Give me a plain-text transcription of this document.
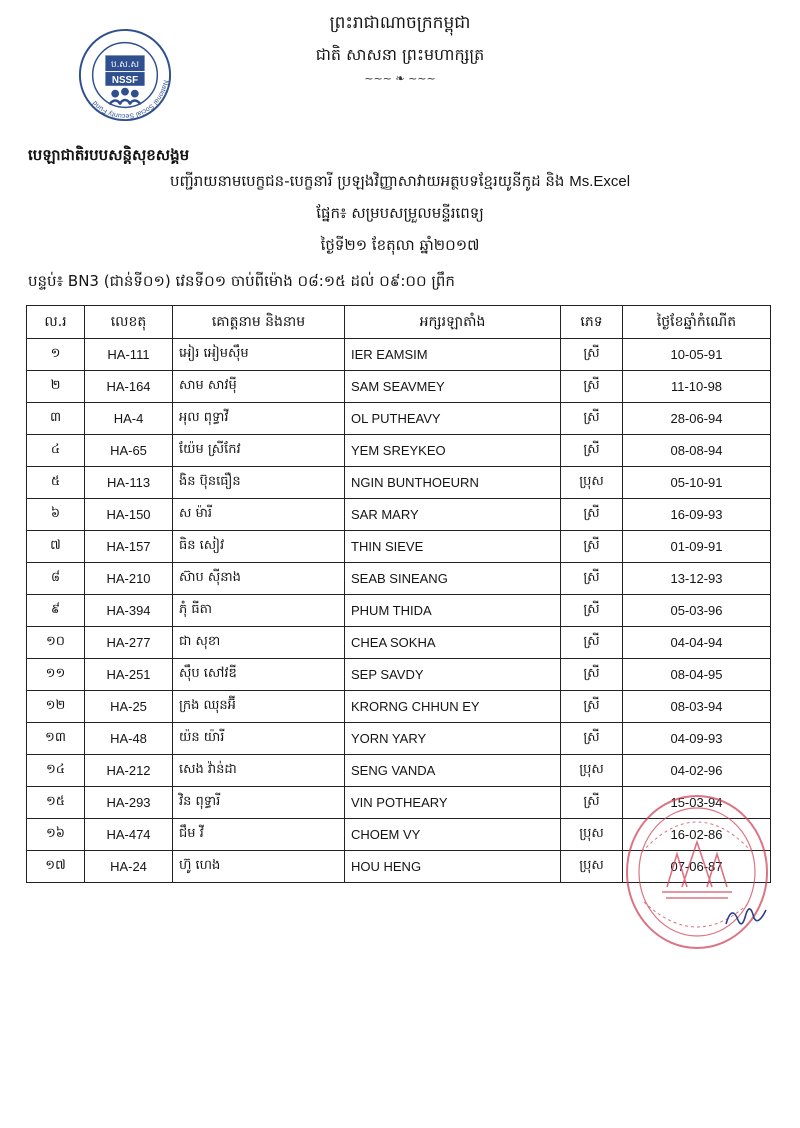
ព្រះរាជាណាចក្រកម្ពុជា
ជាតិ សាសនា ព្រះមហាក្សត្រ
~~~ ❧ ~~~
National Social Security Fund
ប.ស.ស
NSSF
បេឡាជាតិរបបសន្តិសុខសង្គម
បញ្ជីរាយនាមបេក្ខជន-បេក្ខនារី ប្រឡងវិញ្ញាសាវាយអត្ថបទខ្មែរយូនីកូដ និង Ms.Excel
ផ្នែក៖ សម្របសម្រួលមន្ទីរពេទ្យ
ថ្ងៃទី២១ ខែតុលា ឆ្នាំ២០១៧
បន្ទប់៖ BN3 (ជាន់ទី០១) វេនទី០១ ចាប់ពីម៉ោង ០៨:១៥ ដល់ ០៩:០០ ព្រឹក
ល.រ	លេខតុ	គោត្តនាម និងនាម	អក្សរឡាតាំង	ភេទ	ថ្ងៃខែឆ្នាំកំណើត
១	HA-111	អៀរ អៀមស៊ឹម	IER EAMSIM	ស្រី	10-05-91
២	HA-164	សាម សាវម៉ី	SAM SEAVMEY	ស្រី	11-10-98
៣	HA-4	អុល ពុទ្ធាវី	OL PUTHEAVY	ស្រី	28-06-94
៤	HA-65	យ៉ែម ស្រីកែវ	YEM SREYKEO	ស្រី	08-08-94
៥	HA-113	ងិន ប៊ុនធឿន	NGIN BUNTHOEURN	ប្រុស	05-10-91
៦	HA-150	ស ម៉ារី	SAR MARY	ស្រី	16-09-93
៧	HA-157	ធិន សៀវ	THIN SIEVE	ស្រី	01-09-91
៨	HA-210	ស៊ាប ស៊ីនាង	SEAB SINEANG	ស្រី	13-12-93
៩	HA-394	ភុំ ធីតា	PHUM THIDA	ស្រី	05-03-96
១០	HA-277	ជា សុខា	CHEA SOKHA	ស្រី	04-04-94
១១	HA-251	ស៊ឹប សៅវឌី	SEP SAVDY	ស្រី	08-04-95
១២	HA-25	ក្រង ឈុនអ៊ី	KRORNG CHHUN EY	ស្រី	08-03-94
១៣	HA-48	យ៉ន យ៉ារី	YORN YARY	ស្រី	04-09-93
១៤	HA-212	សេង វ៉ាន់ដា	SENG VANDA	ប្រុស	04-02-96
១៥	HA-293	វិន ពុទ្ធារី	VIN POTHEARY	ស្រី	15-03-94
១៦	HA-474	ជឹម វី	CHOEM VY	ប្រុស	16-02-86
១៧	HA-24	ហ៊ូ ហេង	HOU HENG	ប្រុស	07-06-87
